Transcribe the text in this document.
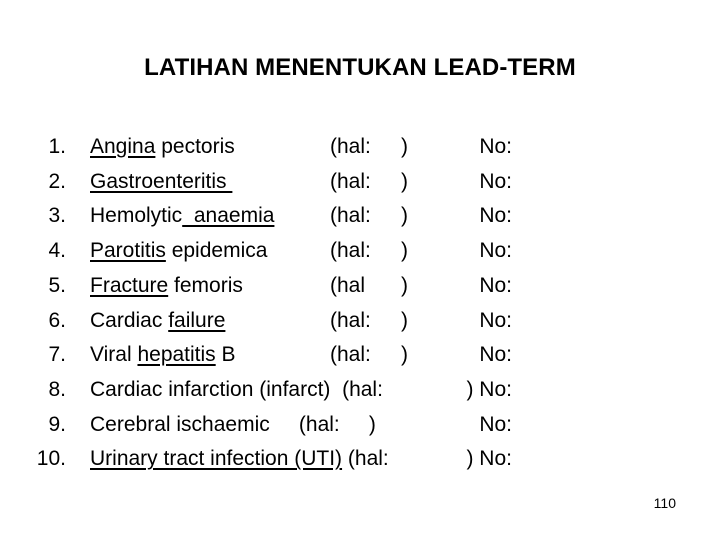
LATIHAN MENENTUKAN LEAD-TERM
1. Angina pectoris	(hal: )	No:
2. Gastroenteritis	(hal: )	No:
3. Hemolytic  anaemia	(hal: )	No:
4. Parotitis epidemica	(hal: )	No:
5. Fracture femoris	(hal )	No:
6. Cardiac failure	(hal: )	No:
7. Viral hepatitis B	(hal: )	No:
8. Cardiac infarction (infarct)  (hal:	) No:
9. Cerebral ischaemic     (hal:     )	No:
10. Urinary tract infection (UTI) (hal:	) No:
110
